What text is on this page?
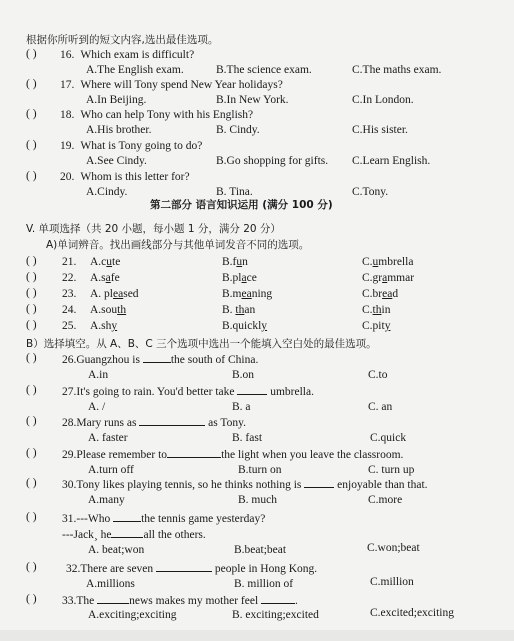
根据你所听到的短文内容,选出最佳选项。
( ) 16. Which exam is difficult?
A.The English exam.	B.The science exam.	C.The maths exam.
( ) 17. Where will Tony spend New Year holidays?
A.In Beijing.	B.In New York.	C.In London.
( ) 18. Who can help Tony with his English?
A.His brother.	B. Cindy.	C.His sister.
( ) 19. What is Tony going to do?
A.See Cindy.	B.Go shopping for gifts. C.Learn English.
( ) 20. Whom is this letter for?
A.Cindy.	B. Tina.	C.Tony.
第二部分 语言知识运用 (满分 100 分)
V. 单项选择（共 20 小题，每小题 1 分，满分 20 分）
A)单词辨音。找出画线部分与其他单词发音不同的选项。
( ) 21. A.cute	B.fun	C.umbrella
( ) 22. A.safe	B.place	C.grammar
( ) 23. A. pleased	B.meaning	C.bread
( ) 24. A.south	B. than	C.thin
( ) 25. A.shy	B.quickly	C.pity
B）选择填空。从 A、B、C 三个选项中选出一个能填入空白处的最佳选项。
( ) 26.Guangzhou is the south of China.
A.in	B.on	C.to
( ) 27.It's going to rain. You'd better take	umbrella.
A. /	B. a	C. an
( ) 28.Mary runs as	as Tony.
A. faster	B. fast	C.quick
( ) 29.Please remember to	the light when you leave the classroom.
A.turn off	B.turn on	C. turn up
( ) 30.Tony likes playing tennis, so he thinks nothing is	enjoyable than that.
A.many	B. much	C.more
( ) 31.---Who the tennis game yesterday?
---Jack¸ he	all the others.
A. beat;won	B.beat;beat	C.won;beat
( )	32.There are seven	people in Hong Kong.
A.millions	B. million of	C.million
( ) 33.The	news makes my mother feel	.
A.exciting;exciting	B. exciting;excited	C.excited;exciting
